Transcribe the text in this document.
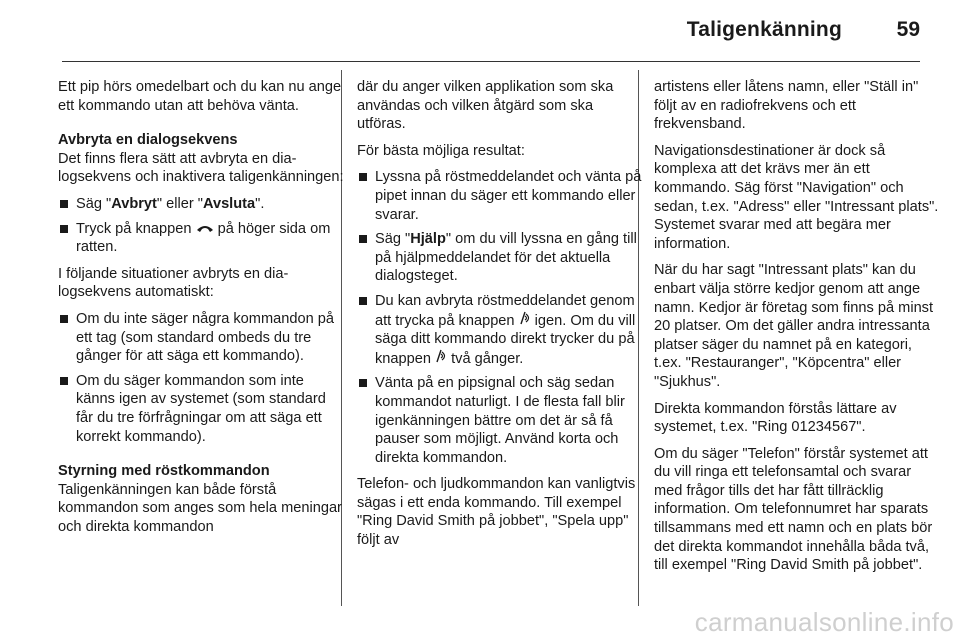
Taligenkänning	59

Ett pip hörs omedelbart och du kan nu ange ett kommando utan att behöva vänta.

Avbryta en dialogsekvens

Det finns flera sätt att avbryta en dialogsekvens och inaktivera taligenkänningen:

Säg "Avbryt" eller "Avsluta".
Tryck på knappen på höger sida om ratten.

I följande situationer avbryts en dialogsekvens automatiskt:

Om du inte säger några kommandon på ett tag (som standard ombeds du tre gånger för att säga ett kommando).
Om du säger kommandon som inte känns igen av systemet (som standard får du tre förfrågningar om att säga ett korrekt kommando).
Styrning med röstkommandon

Taligenkänningen kan både förstå kommandon som anges som hela meningar och direkta kommandon

där du anger vilken applikation som ska användas och vilken åtgärd som ska utföras.

För bästa möjliga resultat:

Lyssna på röstmeddelandet och vänta på pipet innan du säger ett kommando eller svarar.
Säg "Hjälp" om du vill lyssna en gång till på hjälpmeddelandet för det aktuella dialogsteget.
Du kan avbryta röstmeddelandet genom att trycka på knappen igen. Om du vill säga ditt kommando direkt trycker du på knappen två gånger.
Vänta på en pipsignal och säg sedan kommandot naturligt. I de flesta fall blir igenkänningen bättre om det är så få pauser som möjligt. Använd korta och direkta kommandon.

Telefon- och ljudkommandon kan vanligtvis sägas i ett enda kommando. Till exempel "Ring David Smith på jobbet", "Spela upp" följt av

artistens eller låtens namn, eller "Ställ in" följt av en radiofrekvens och ett frekvensband.

Navigationsdestinationer är dock så komplexa att det krävs mer än ett kommando. Säg först "Navigation" och sedan, t.ex. "Adress" eller "Intressant plats". Systemet svarar med att begära mer information.

När du har sagt "Intressant plats" kan du enbart välja större kedjor genom att ange namn. Kedjor är företag som finns på minst 20 platser. Om det gäller andra intressanta platser säger du namnet på en kategori, t.ex. "Restauranger", "Köpcentra" eller "Sjukhus".

Direkta kommandon förstås lättare av systemet, t.ex. "Ring 01234567".

Om du säger "Telefon" förstår systemet att du vill ringa ett telefonsamtal och svarar med frågor tills det har fått tillräcklig information. Om telefonnumret har sparats tillsammans med ett namn och en plats bör det direkta kommandot innehålla båda två, till exempel "Ring David Smith på jobbet".

carmanualsonline.info
